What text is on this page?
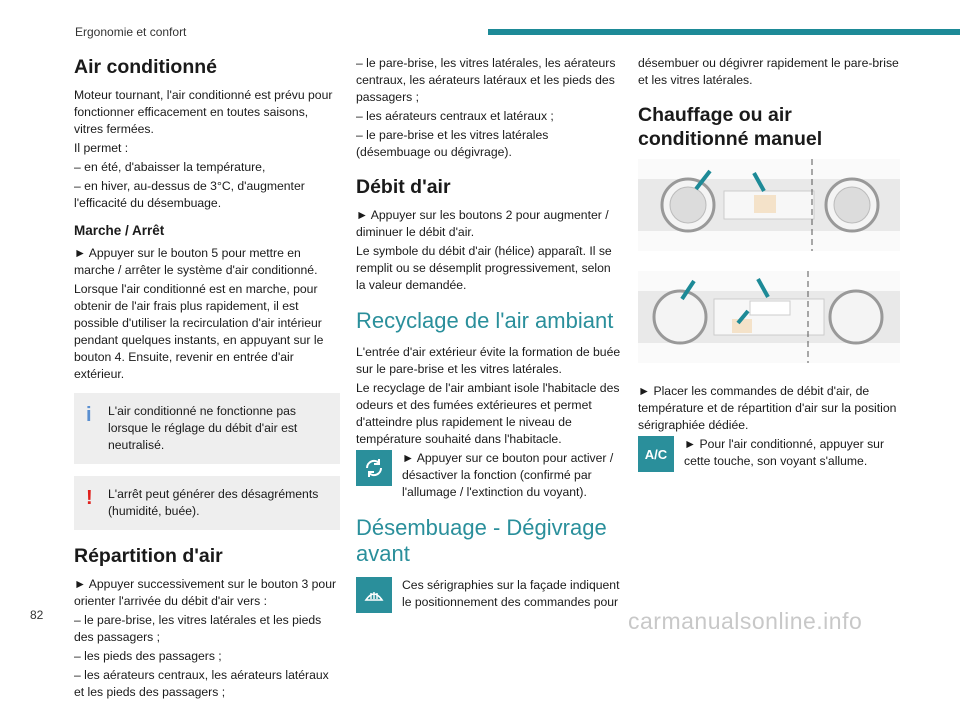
Ergonomie et confort
Air conditionné

Moteur tournant, l'air conditionné est prévu pour fonctionner efficacement en toutes saisons, vitres fermées.

Il permet :

– en été, d'abaisser la température,

– en hiver, au-dessus de 3°C, d'augmenter l'efficacité du désembuage.

Marche / Arrêt

► Appuyer sur le bouton 5 pour mettre en marche / arrêter le système d'air conditionné.

Lorsque l'air conditionné est en marche, pour obtenir de l'air frais plus rapidement, il est possible d'utiliser la recirculation d'air intérieur pendant quelques instants, en appuyant sur le bouton 4. Ensuite, revenir en entrée d'air extérieur.

i L'air conditionné ne fonctionne pas lorsque le réglage du débit d'air est neutralisé.
! L'arrêt peut générer des désagréments (humidité, buée).
Répartition d'air

► Appuyer successivement sur le bouton 3 pour orienter l'arrivée du débit d'air vers :

– le pare-brise, les vitres latérales et les pieds des passagers ;

– les pieds des passagers ;

– les aérateurs centraux, les aérateurs latéraux et les pieds des passagers ;

– le pare-brise, les vitres latérales, les aérateurs centraux, les aérateurs latéraux et les pieds des passagers ;

– les aérateurs centraux et latéraux ;

– le pare-brise et les vitres latérales (désembuage ou dégivrage).

Débit d'air

► Appuyer sur les boutons 2 pour augmenter / diminuer le débit d'air.

Le symbole du débit d'air (hélice) apparaît. Il se remplit ou se désemplit progressivement, selon la valeur demandée.

Recyclage de l'air ambiant

L'entrée d'air extérieur évite la formation de buée sur le pare-brise et les vitres latérales.

Le recyclage de l'air ambiant isole l'habitacle des odeurs et des fumées extérieures et permet d'atteindre plus rapidement le niveau de température souhaité dans l'habitacle.

► Appuyer sur ce bouton pour activer / désactiver la fonction (confirmé par l'allumage / l'extinction du voyant).
Désembuage - Dégivrage avant
Ces sérigraphies sur la façade indiquent le positionnement des commandes pour

désembuer ou dégivrer rapidement le pare-brise et les vitres latérales.

Chauffage ou air conditionné manuel

► Placer les commandes de débit d'air, de température et de répartition d'air sur la position sérigraphiée dédiée.

A/C
► Pour l'air conditionné, appuyer sur cette touche, son voyant s'allume.
82	carmanualsonline.info
